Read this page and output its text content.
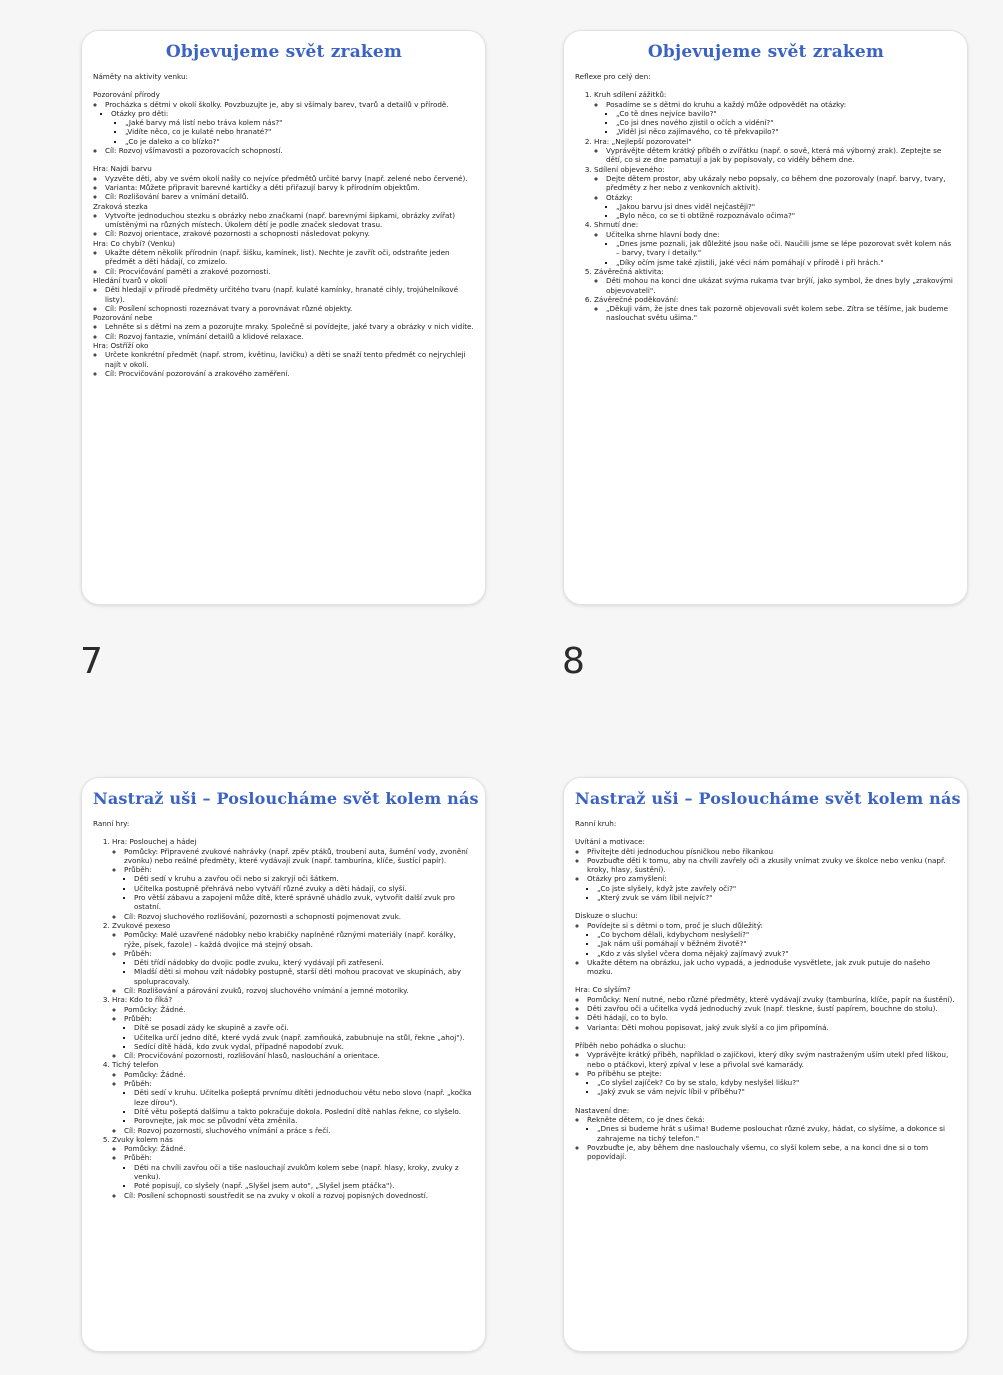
Objevujeme svět zrakem
Náměty na aktivity venku:
Pozorování přírody
◦ Procházka s dětmi v okolí školky. Povzbuzujte je, aby si všímaly barev, tvarů a detailů v přírodě.
▪ Otázky pro děti:
▪ „Jaké barvy má listí nebo tráva kolem nás?"
▪ „Vidíte něco, co je kulaté nebo hranaté?"
▪ „Co je daleko a co blízko?"
◦ Cíl: Rozvoj všímavosti a pozorovacích schopností.
Hra: Najdi barvu
◦ Vyzvěte děti, aby ve svém okolí našly co nejvíce předmětů určité barvy (např. zelené nebo červené).
◦ Varianta: Můžete připravit barevné kartičky a děti přiřazují barvy k přírodním objektům.
◦ Cíl: Rozlišování barev a vnímání detailů.
Zraková stezka
◦ Vytvořte jednoduchou stezku s obrázky nebo značkami (např. barevnými šipkami, obrázky zvířat) umístěnými na různých místech. Úkolem dětí je podle značek sledovat trasu.
◦ Cíl: Rozvoj orientace, zrakové pozornosti a schopnosti následovat pokyny.
Hra: Co chybí? (Venku)
◦ Ukažte dětem několik přírodnin (např. šišku, kamínek, list). Nechte je zavřít oči, odstraňte jeden předmět a děti hádají, co zmizelo.
◦ Cíl: Procvičování paměti a zrakové pozornosti.
Hledání tvarů v okolí
◦ Děti hledají v přírodě předměty určitého tvaru (např. kulaté kamínky, hranaté cihly, trojúhelníkové listy).
◦ Cíl: Posílení schopnosti rozeznávat tvary a porovnávat různé objekty.
Pozorování nebe
◦ Lehněte si s dětmi na zem a pozorujte mraky. Společně si povídejte, jaké tvary a obrázky v nich vidíte.
◦ Cíl: Rozvoj fantazie, vnímání detailů a klidové relaxace.
Hra: Ostříží oko
◦ Určete konkrétní předmět (např. strom, květinu, lavičku) a děti se snaží tento předmět co nejrychleji najít v okolí.
◦ Cíl: Procvičování pozorování a zrakového zaměření.
Objevujeme svět zrakem
Reflexe pro celý den:
1. Kruh sdílení zážitků:
◦ Posadíme se s dětmi do kruhu a každý může odpovědět na otázky:
▪ „Co tě dnes nejvíce bavilo?"
▪ „Co jsi dnes nového zjistil o očích a vidění?"
▪ „Viděl jsi něco zajímavého, co tě překvapilo?"
2. Hra: „Nejlepší pozorovatel"
◦ Vyprávějte dětem krátký příběh o zvířátku (např. o sově, která má výborný zrak). Zeptejte se dětí, co si ze dne pamatují a jak by popisovaly, co viděly během dne.
3. Sdílení objeveného:
◦ Dejte dětem prostor, aby ukázaly nebo popsaly, co během dne pozorovaly (např. barvy, tvary, předměty z her nebo z venkovních aktivit).
◦ Otázky:
▪ „Jakou barvu jsi dnes viděl nejčastěji?"
▪ „Bylo něco, co se ti obtížně rozpoznávalo očima?"
4. Shrnutí dne:
◦ Učitelka shrne hlavní body dne:
▪ „Dnes jsme poznali, jak důležité jsou naše oči. Naučili jsme se lépe pozorovat svět kolem nás – barvy, tvary i detaily."
▪ „Díky očím jsme také zjistili, jaké věci nám pomáhají v přírodě i při hrách."
5. Závěrečná aktivita:
◦ Děti mohou na konci dne ukázat svýma rukama tvar brýlí, jako symbol, že dnes byly „zrakovými objevovateli".
6. Závěrečné poděkování:
◦ „Děkuji vám, že jste dnes tak pozorně objevovali svět kolem sebe. Zítra se těšíme, jak budeme naslouchat světu ušima."
7	8
Nastraž uši – Posloucháme svět kolem nás
Ranní hry:
1. Hra: Poslouchej a hádej
◦ Pomůcky: Připravené zvukové nahrávky (např. zpěv ptáků, troubení auta, šumění vody, zvonění zvonku) nebo reálné předměty, které vydávají zvuk (např. tamburína, klíče, šustící papír).
◦ Průběh:
▪ Děti sedí v kruhu a zavřou oči nebo si zakryjí oči šátkem.
▪ Učitelka postupně přehrává nebo vytváří různé zvuky a děti hádají, co slyší.
▪ Pro větší zábavu a zapojení může dítě, které správně uhádlo zvuk, vytvořit další zvuk pro ostatní.
◦ Cíl: Rozvoj sluchového rozlišování, pozornosti a schopnosti pojmenovat zvuk.
2. Zvukové pexeso
◦ Pomůcky: Malé uzavřené nádobky nebo krabičky naplněné různými materiály (např. korálky, rýže, písek, fazole) – každá dvojice má stejný obsah.
◦ Průběh:
▪ Děti třídí nádobky do dvojic podle zvuku, který vydávají při zatřesení.
▪ Mladší děti si mohou vzít nádobky postupně, starší děti mohou pracovat ve skupinách, aby spolupracovaly.
◦ Cíl: Rozlišování a párování zvuků, rozvoj sluchového vnímání a jemné motoriky.
3. Hra: Kdo to říká?
◦ Pomůcky: Žádné.
◦ Průběh:
▪ Dítě se posadí zády ke skupině a zavře oči.
▪ Učitelka určí jedno dítě, které vydá zvuk (např. zamňouká, zabubnuje na stůl, řekne „ahoj").
▪ Sedící dítě hádá, kdo zvuk vydal, případně napodobí zvuk.
◦ Cíl: Procvičování pozornosti, rozlišování hlasů, naslouchání a orientace.
4. Tichý telefon
◦ Pomůcky: Žádné.
◦ Průběh:
▪ Děti sedí v kruhu. Učitelka pošeptá prvnímu dítěti jednoduchou větu nebo slovo (např. „kočka leze dírou").
▪ Dítě větu pošeptá dalšímu a takto pokračuje dokola. Poslední dítě nahlas řekne, co slyšelo.
▪ Porovnejte, jak moc se původní věta změnila.
◦ Cíl: Rozvoj pozornosti, sluchového vnímání a práce s řečí.
5. Zvuky kolem nás
◦ Pomůcky: Žádné.
◦ Průběh:
▪ Děti na chvíli zavřou oči a tiše naslouchají zvukům kolem sebe (např. hlasy, kroky, zvuky z venku).
▪ Poté popisují, co slyšely (např. „Slyšel jsem auto", „Slyšel jsem ptáčka").
◦ Cíl: Posílení schopnosti soustředit se na zvuky v okolí a rozvoj popisných dovedností.
Nastraž uši – Posloucháme svět kolem nás
Ranní kruh:
Uvítání a motivace:
◦ Přivítejte děti jednoduchou písničkou nebo říkankou
◦ Povzbuďte děti k tomu, aby na chvíli zavřely oči a zkusily vnímat zvuky ve školce nebo venku (např. kroky, hlasy, šustění).
◦ Otázky pro zamyšlení:
▪ „Co jste slyšely, když jste zavřely oči?"
▪ „Který zvuk se vám líbil nejvíc?"
Diskuze o sluchu:
◦ Povídejte si s dětmi o tom, proč je sluch důležitý:
▪ „Co bychom dělali, kdybychom neslyšeli?"
▪ „Jak nám uši pomáhají v běžném životě?"
▪ „Kdo z vás slyšel včera doma nějaký zajímavý zvuk?"
◦ Ukažte dětem na obrázku, jak ucho vypadá, a jednoduše vysvětlete, jak zvuk putuje do našeho mozku.
Hra: Co slyším?
◦ Pomůcky: Není nutné, nebo různé předměty, které vydávají zvuky (tamburína, klíče, papír na šustění).
◦ Děti zavřou oči a učitelka vydá jednoduchý zvuk (např. tleskne, šustí papírem, bouchne do stolu).
◦ Děti hádají, co to bylo.
◦ Varianta: Děti mohou popisovat, jaký zvuk slyší a co jim připomíná.
Příběh nebo pohádka o sluchu:
◦ Vyprávějte krátký příběh, například o zajíčkovi, který díky svým nastraženým uším utekl před liškou, nebo o ptáčkovi, který zpíval v lese a přivolal své kamarády.
◦ Po příběhu se ptejte:
▪ „Co slyšel zajíček? Co by se stalo, kdyby neslyšel lišku?"
▪ „Jaký zvuk se vám nejvíc líbil v příběhu?"
Nastavení dne:
◦ Řekněte dětem, co je dnes čeká:
▪ „Dnes si budeme hrát s ušima! Budeme poslouchat různé zvuky, hádat, co slyšíme, a dokonce si zahrajeme na tichý telefon."
◦ Povzbuďte je, aby během dne naslouchaly všemu, co slyší kolem sebe, a na konci dne si o tom popovídají.
